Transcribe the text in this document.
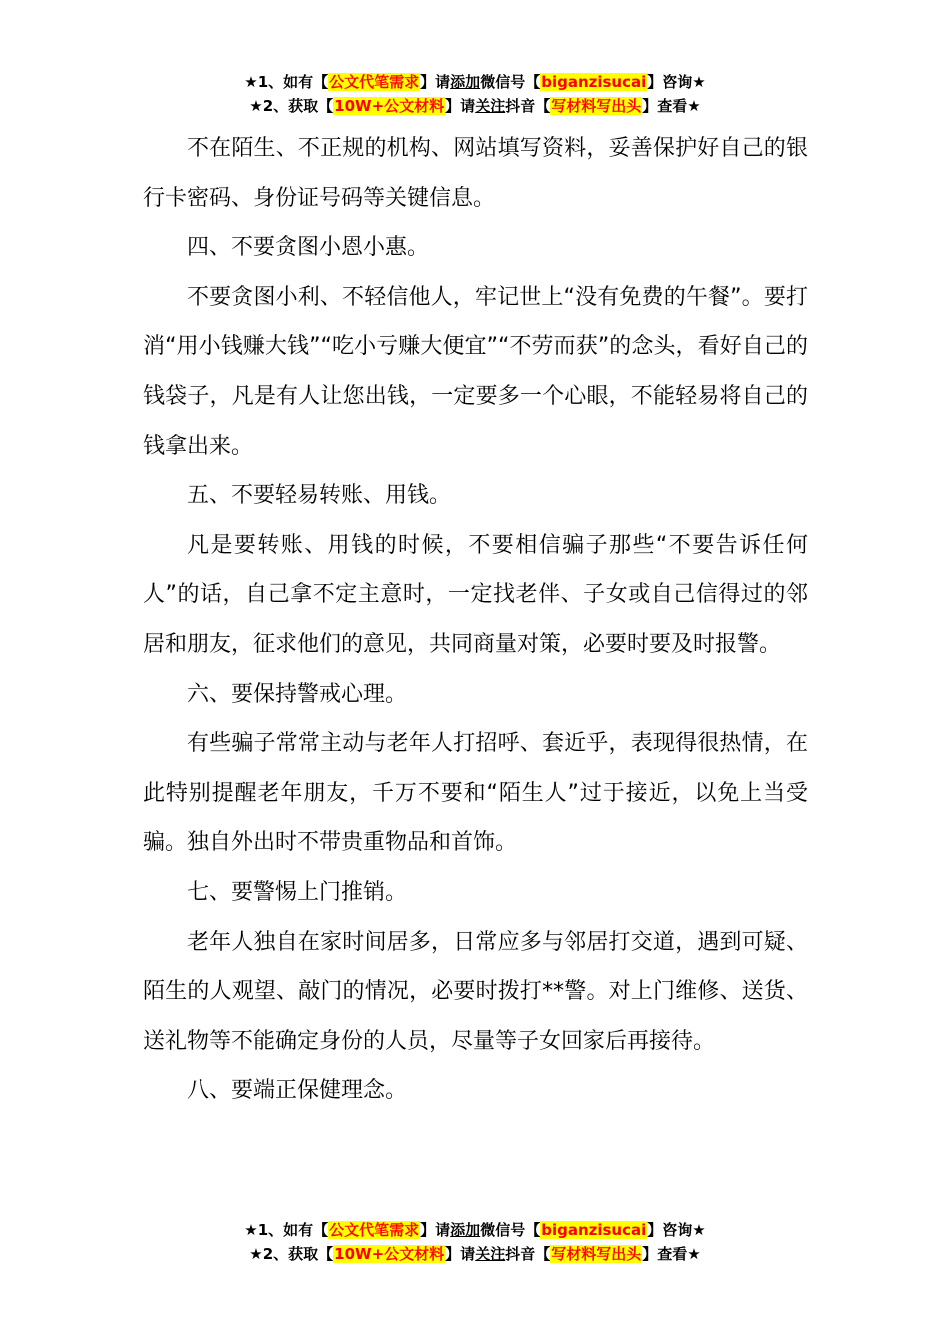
★1、如有【公文代笔需求】请添加微信号【biganzisucai】咨询★
★2、获取【10W+公文材料】请关注抖音【写材料写出头】查看★

不在陌生、不正规的机构、网站填写资料，妥善保护好自己的银行卡密码、身份证号码等关键信息。

四、不要贪图小恩小惠。

不要贪图小利、不轻信他人，牢记世上“没有免费的午餐”。要打消“用小钱赚大钱”“吃小亏赚大便宜”“不劳而获”的念头，看好自己的钱袋子，凡是有人让您出钱，一定要多一个心眼，不能轻易将自己的钱拿出来。

五、不要轻易转账、用钱。

凡是要转账、用钱的时候，不要相信骗子那些“不要告诉任何人”的话，自己拿不定主意时，一定找老伴、子女或自己信得过的邻居和朋友，征求他们的意见，共同商量对策，必要时要及时报警。

六、要保持警戒心理。

有些骗子常常主动与老年人打招呼、套近乎，表现得很热情，在此特别提醒老年朋友，千万不要和“陌生人”过于接近，以免上当受骗。独自外出时不带贵重物品和首饰。

七、要警惕上门推销。

老年人独自在家时间居多，日常应多与邻居打交道，遇到可疑、陌生的人观望、敲门的情况，必要时拨打**警。对上门维修、送货、送礼物等不能确定身份的人员，尽量等子女回家后再接待。

八、要端正保健理念。

★1、如有【公文代笔需求】请添加微信号【biganzisucai】咨询★
★2、获取【10W+公文材料】请关注抖音【写材料写出头】查看★
